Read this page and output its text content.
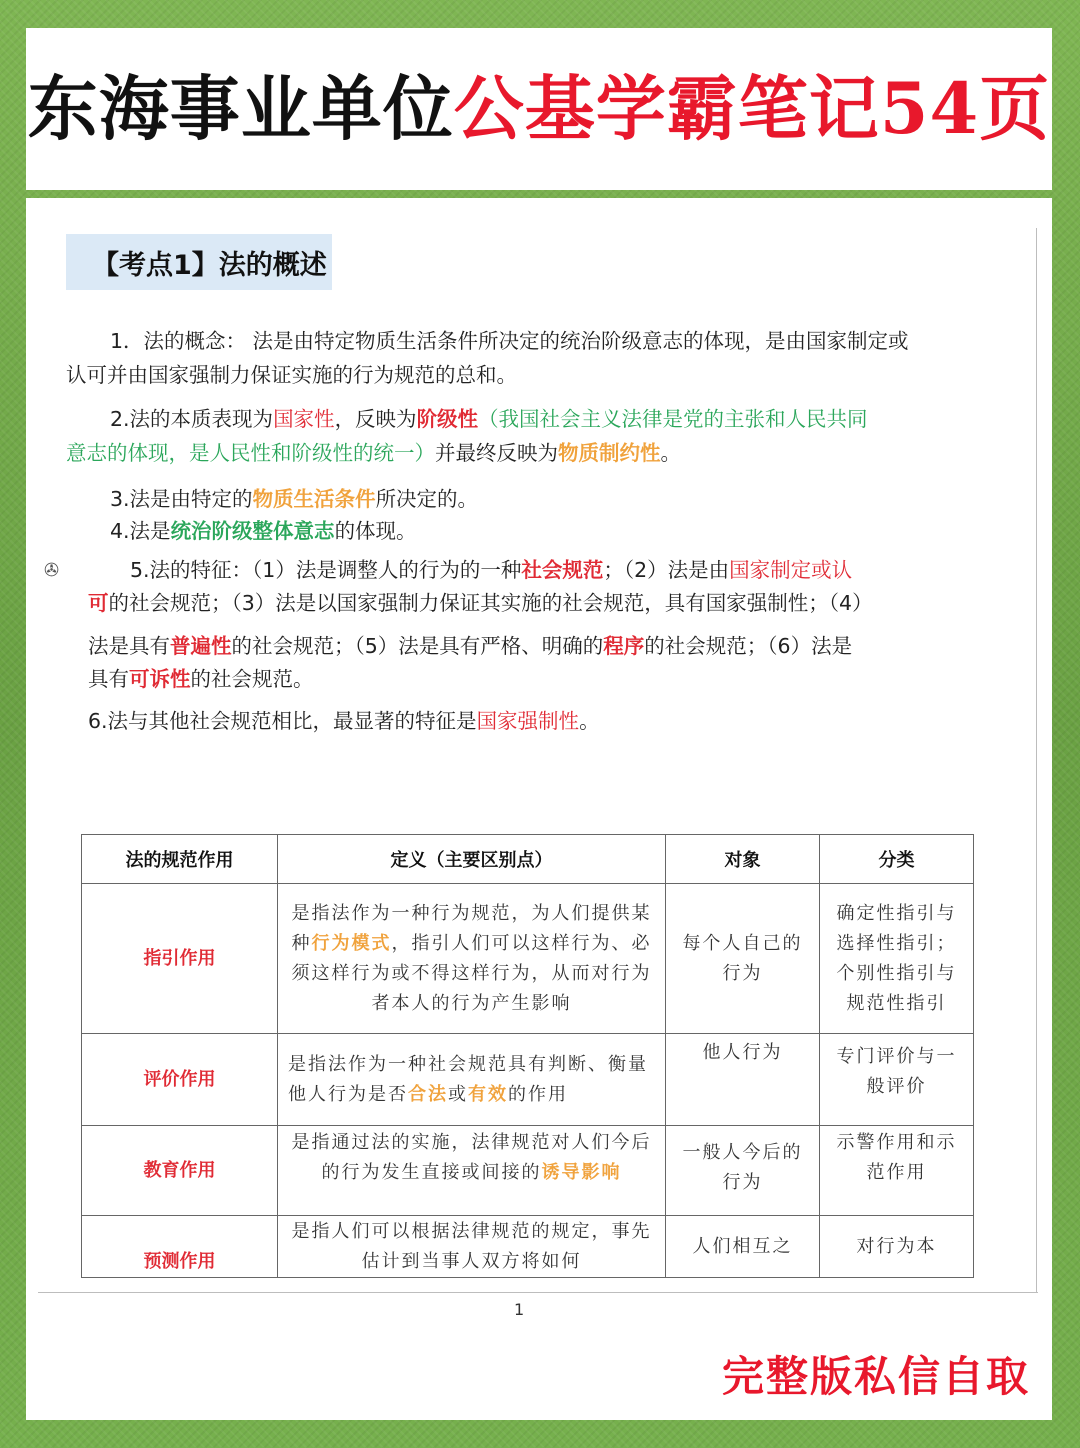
东海事业单位公基学霸笔记54页
【考点1】法的概述

1．法的概念： 法是由特定物质生活条件所决定的统治阶级意志的体现，是由国家制定或
认可并由国家强制力保证实施的行为规范的总和。

2.法的本质表现为国家性，反映为阶级性（我国社会主义法律是党的主张和人民共同
意志的体现，是人民性和阶级性的统一）并最终反映为物质制约性。

3.法是由特定的物质生活条件所决定的。

4.法是统治阶级整体意志的体现。

✇	5.法的特征：（1）法是调整人的行为的一种社会规范；（2）法是由国家制定或认
可的社会规范；（3）法是以国家强制力保证其实施的社会规范，具有国家强制性；（4）
法是具有普遍性的社会规范；（5）法是具有严格、明确的程序的社会规范；（6）法是
具有可诉性的社会规范。

6.法与其他社会规范相比，最显著的特征是国家强制性。

法的规范作用	定义（主要区别点）	对象	分类
指引作用	是指法作为一种行为规范，为人们提供某种行为模式，指引人们可以这样行为、必须这样行为或不得这样行为，从而对行为者本人的行为产生影响	每个人自己的行为	确定性指引与选择性指引；个别性指引与规范性指引
评价作用	是指法作为一种社会规范具有判断、衡量他人行为是否合法或有效的作用	他人行为	专门评价与一般评价
教育作用	是指通过法的实施，法律规范对人们今后的行为发生直接或间接的诱导影响	一般人今后的行为	示警作用和示范作用
预测作用	是指人们可以根据法律规范的规定，事先估计到当事人双方将如何	人们相互之	对行为本
1
完整版私信自取
